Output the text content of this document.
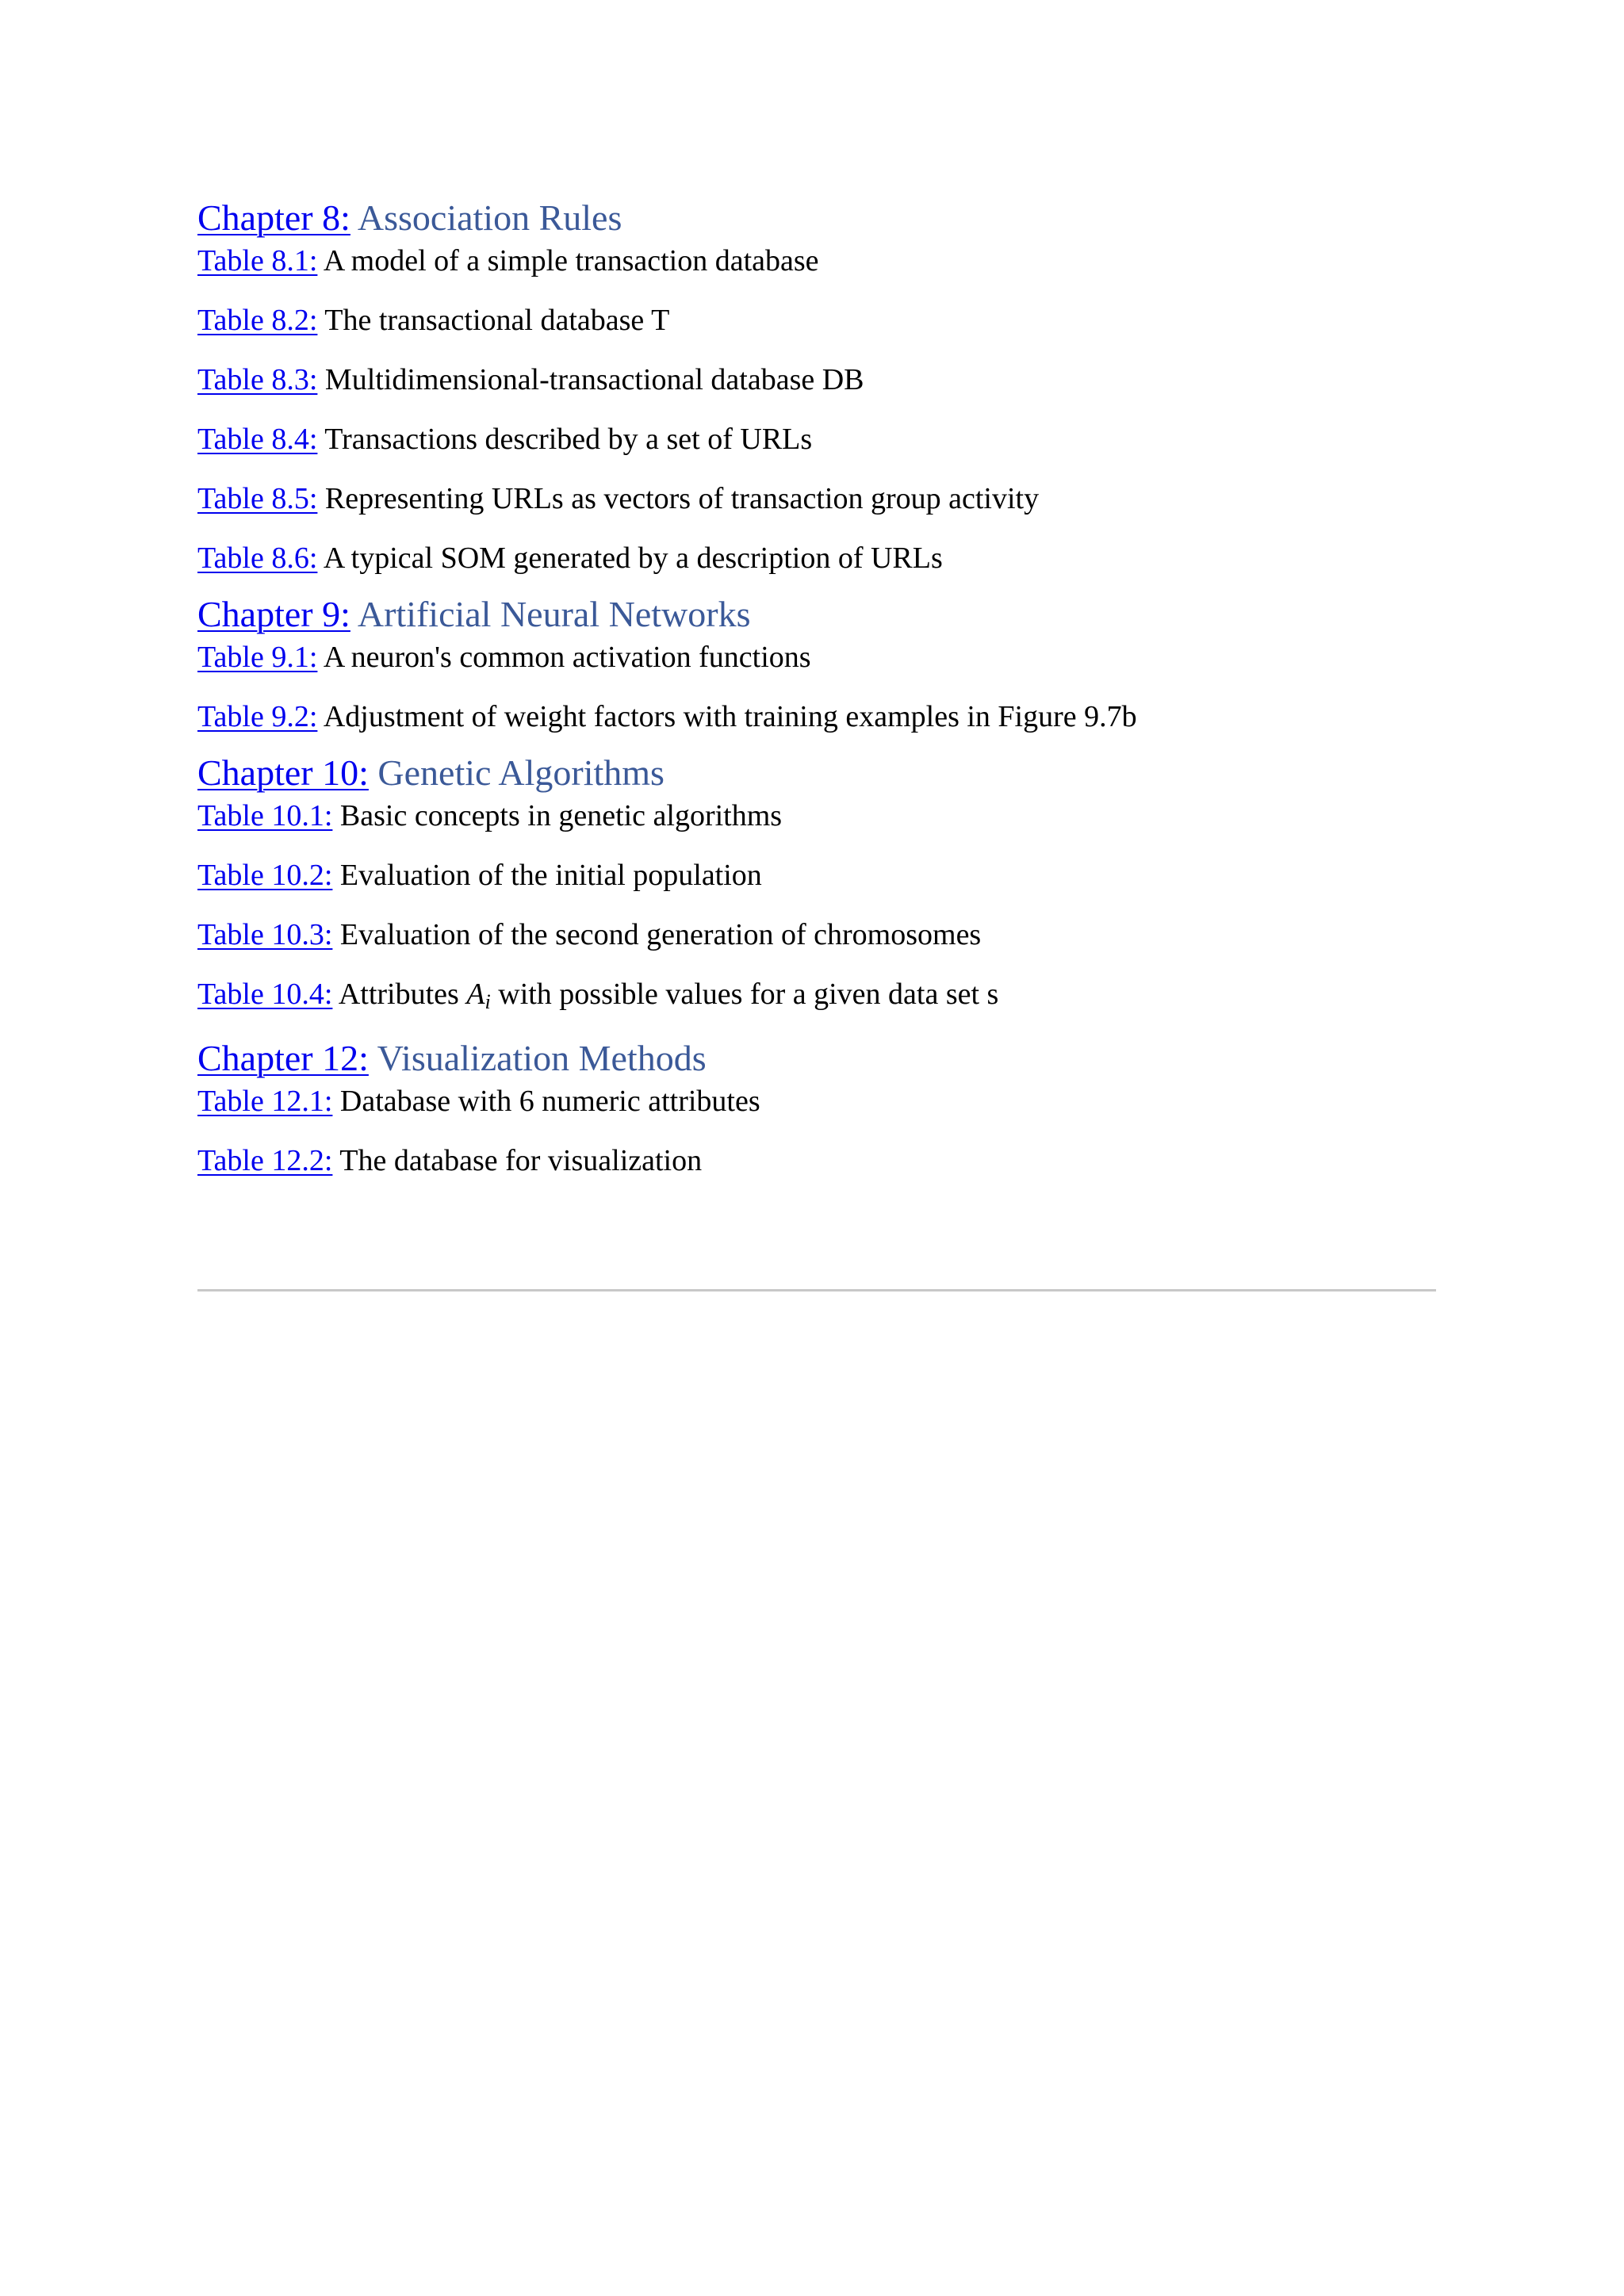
Chapter 8: Association Rules

Table 8.1: A model of a simple transaction database

Table 8.2: The transactional database T

Table 8.3: Multidimensional-transactional database DB

Table 8.4: Transactions described by a set of URLs

Table 8.5: Representing URLs as vectors of transaction group activity

Table 8.6: A typical SOM generated by a description of URLs

Chapter 9: Artificial Neural Networks

Table 9.1: A neuron's common activation functions

Table 9.2: Adjustment of weight factors with training examples in Figure 9.7b

Chapter 10: Genetic Algorithms

Table 10.1: Basic concepts in genetic algorithms

Table 10.2: Evaluation of the initial population

Table 10.3: Evaluation of the second generation of chromosomes

Table 10.4: Attributes $A_i$ with possible values for a given data set s

Chapter 12: Visualization Methods

Table 12.1: Database with 6 numeric attributes

Table 12.2: The database for visualization
